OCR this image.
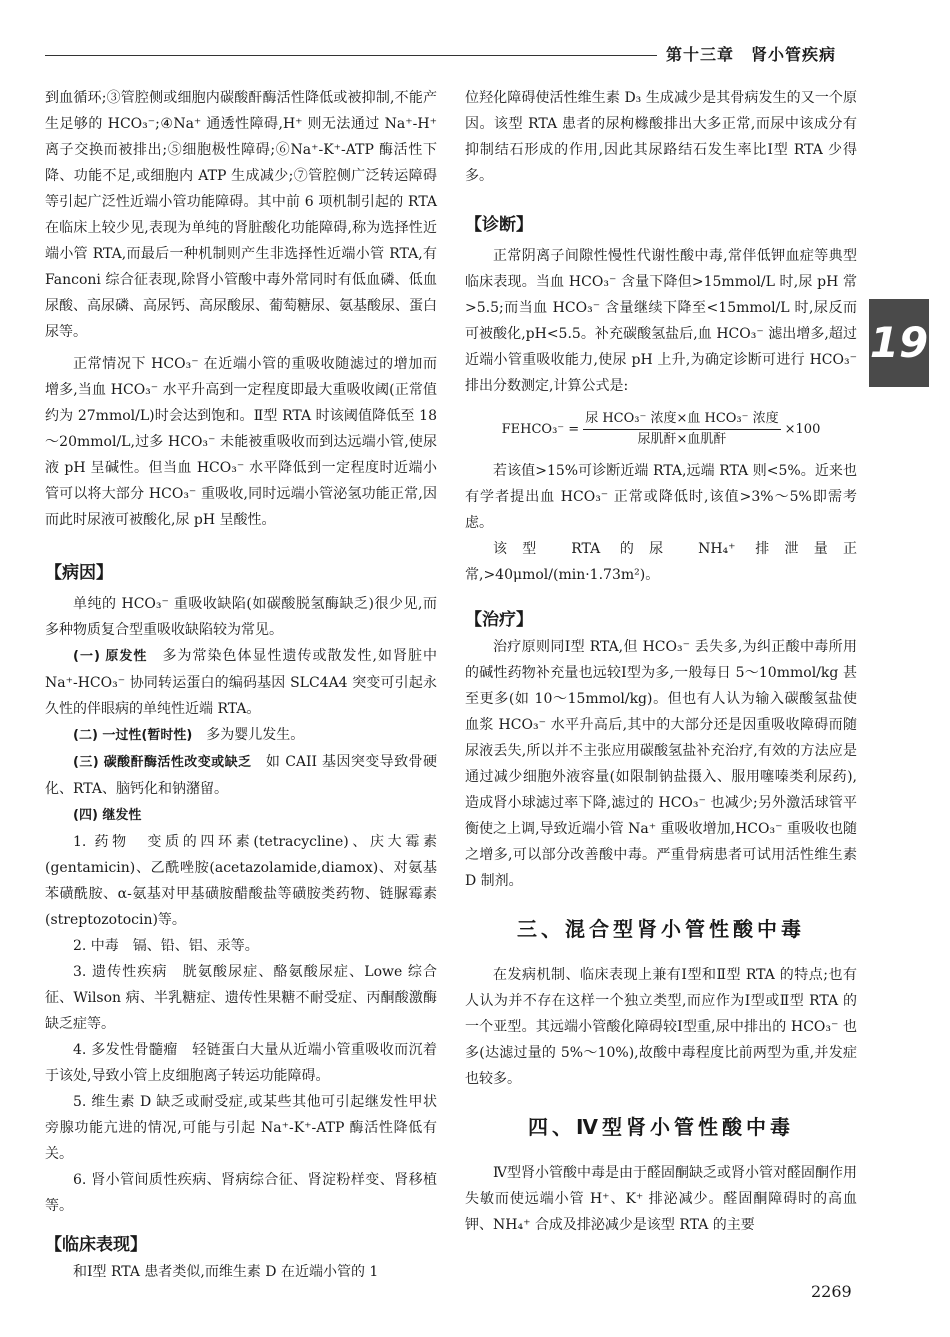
第十三章　肾小管疾病
19

到血循环;③管腔侧或细胞内碳酸酐酶活性降低或被抑制,不能产生足够的 HCO₃⁻;④Na⁺ 通透性障碍,H⁺ 则无法通过 Na⁺-H⁺ 离子交换而被排出;⑤细胞极性障碍;⑥Na⁺-K⁺-ATP 酶活性下降、功能不足,或细胞内 ATP 生成减少;⑦管腔侧广泛转运障碍等引起广泛性近端小管功能障碍。其中前 6 项机制引起的 RTA 在临床上较少见,表现为单纯的肾脏酸化功能障碍,称为选择性近端小管 RTA,而最后一种机制则产生非选择性近端小管 RTA,有 Fanconi 综合征表现,除肾小管酸中毒外常同时有低血磷、低血尿酸、高尿磷、高尿钙、高尿酸尿、葡萄糖尿、氨基酸尿、蛋白尿等。

正常情况下 HCO₃⁻ 在近端小管的重吸收随滤过的增加而增多,当血 HCO₃⁻ 水平升高到一定程度即最大重吸收阈(正常值约为 27mmol/L)时会达到饱和。Ⅱ型 RTA 时该阈值降低至 18～20mmol/L,过多 HCO₃⁻ 未能被重吸收而到达远端小管,使尿液 pH 呈碱性。但当血 HCO₃⁻ 水平降低到一定程度时近端小管可以将大部分 HCO₃⁻ 重吸收,同时远端小管泌氢功能正常,因而此时尿液可被酸化,尿 pH 呈酸性。

【病因】

单纯的 HCO₃⁻ 重吸收缺陷(如碳酸脱氢酶缺乏)很少见,而多种物质复合型重吸收缺陷较为常见。

(一) 原发性　多为常染色体显性遗传或散发性,如肾脏中 Na⁺-HCO₃⁻ 协同转运蛋白的编码基因 SLC4A4 突变可引起永久性的伴眼病的单纯性近端 RTA。

(二) 一过性(暂时性)　多为婴儿发生。

(三) 碳酸酐酶活性改变或缺乏　如 CAII 基因突变导致骨硬化、RTA、脑钙化和钠潴留。

(四) 继发性

1. 药物　变质的四环素(tetracycline)、庆大霉素(gentamicin)、乙酰唑胺(acetazolamide,diamox)、对氨基苯磺酰胺、α-氨基对甲基磺胺醋酸盐等磺胺类药物、链脲霉素(streptozotocin)等。

2. 中毒　镉、铅、铝、汞等。

3. 遗传性疾病　胱氨酸尿症、酪氨酸尿症、Lowe 综合征、Wilson 病、半乳糖症、遗传性果糖不耐受症、丙酮酸激酶缺乏症等。

4. 多发性骨髓瘤　轻链蛋白大量从近端小管重吸收而沉着于该处,导致小管上皮细胞离子转运功能障碍。

5. 维生素 D 缺乏或耐受症,或某些其他可引起继发性甲状旁腺功能亢进的情况,可能与引起 Na⁺-K⁺-ATP 酶活性降低有关。

6. 肾小管间质性疾病、肾病综合征、肾淀粉样变、肾移植等。

【临床表现】

和Ⅰ型 RTA 患者类似,而维生素 D 在近端小管的 1

位羟化障碍使活性维生素 D₃ 生成减少是其骨病发生的又一个原因。该型 RTA 患者的尿枸橼酸排出大多正常,而尿中该成分有抑制结石形成的作用,因此其尿路结石发生率比Ⅰ型 RTA 少得多。

【诊断】

正常阴离子间隙性慢性代谢性酸中毒,常伴低钾血症等典型临床表现。当血 HCO₃⁻ 含量下降但>15mmol/L 时,尿 pH 常>5.5;而当血 HCO₃⁻ 含量继续下降至<15mmol/L 时,尿反而可被酸化,pH<5.5。补充碳酸氢盐后,血 HCO₃⁻ 滤出增多,超过近端小管重吸收能力,使尿 pH 上升,为确定诊断可进行 HCO₃⁻ 排出分数测定,计算公式是:

FEHCO₃⁻ = $\frac{\text{尿 HCO₃⁻ 浓度×血 HCO₃⁻ 浓度}}{\text{尿肌酐×血肌酐}} \times 100$

若该值>15%可诊断近端 RTA,远端 RTA 则<5%。近来也有学者提出血 HCO₃⁻ 正常或降低时,该值>3%～5%即需考虑。

该型 RTA 的尿 NH₄⁺ 排泄量正常,>40μmol/(min·1.73m²)。

【治疗】

治疗原则同Ⅰ型 RTA,但 HCO₃⁻ 丢失多,为纠正酸中毒所用的碱性药物补充量也远较Ⅰ型为多,一般每日 5～10mmol/kg 甚至更多(如 10～15mmol/kg)。但也有人认为输入碳酸氢盐使血浆 HCO₃⁻ 水平升高后,其中的大部分还是因重吸收障碍而随尿液丢失,所以并不主张应用碳酸氢盐补充治疗,有效的方法应是通过减少细胞外液容量(如限制钠盐摄入、服用噻嗪类利尿药),造成肾小球滤过率下降,滤过的 HCO₃⁻ 也减少;另外激活球管平衡使之上调,导致近端小管 Na⁺ 重吸收增加,HCO₃⁻ 重吸收也随之增多,可以部分改善酸中毒。严重骨病患者可试用活性维生素 D 制剂。

三、混合型肾小管性酸中毒

在发病机制、临床表现上兼有Ⅰ型和Ⅱ型 RTA 的特点;也有人认为并不存在这样一个独立类型,而应作为Ⅰ型或Ⅱ型 RTA 的一个亚型。其远端小管酸化障碍较Ⅰ型重,尿中排出的 HCO₃⁻ 也多(达滤过量的 5%～10%),故酸中毒程度比前两型为重,并发症也较多。

四、Ⅳ型肾小管性酸中毒

Ⅳ型肾小管酸中毒是由于醛固酮缺乏或肾小管对醛固酮作用失敏而使远端小管 H⁺、K⁺ 排泌减少。醛固酮障碍时的高血钾、NH₄⁺ 合成及排泌减少是该型 RTA 的主要

2269
